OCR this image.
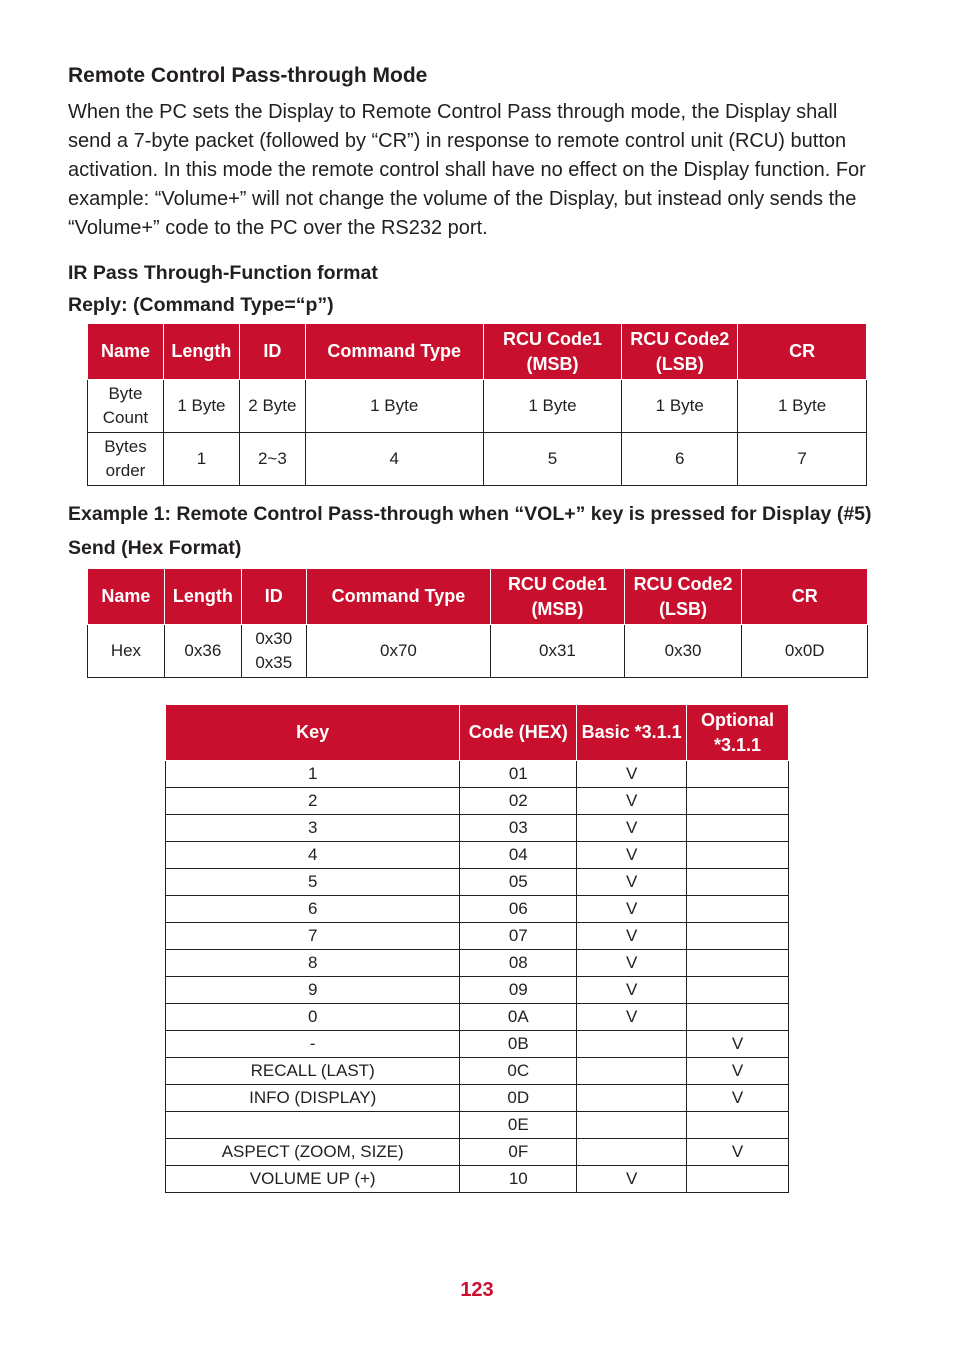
Remote Control Pass-through Mode

When the PC sets the Display to Remote Control Pass through mode, the Display shall send a 7-byte packet (followed by “CR”) in response to remote control unit (RCU) button activation. In this mode the remote control shall have no effect on the Display function. For example: “Volume+” will not change the volume of the Display, but instead only sends the “Volume+” code to the PC over the RS232 port.

IR Pass Through-Function format
Reply: (Command Type=“p”)
Name	Length	ID	Command Type	RCU Code1 (MSB)	RCU Code2 (LSB)	CR
Byte Count	1 Byte	2 Byte	1 Byte	1 Byte	1 Byte	1 Byte
Bytes order	1	2~3	4	5	6	7
Example 1: Remote Control Pass-through when “VOL+” key is pressed for Display (#5)
Send (Hex Format)
Name	Length	ID	Command Type	RCU Code1 (MSB)	RCU Code2 (LSB)	CR
Hex	0x36	0x30 0x35	0x70	0x31	0x30	0x0D
Key	Code (HEX)	Basic *3.1.1	Optional *3.1.1
1	01	V	
2	02	V	
3	03	V	
4	04	V	
5	05	V	
6	06	V	
7	07	V	
8	08	V	
9	09	V	
0	0A	V	
-	0B		V
RECALL (LAST)	0C		V
INFO (DISPLAY)	0D		V
	0E		
ASPECT (ZOOM, SIZE)	0F		V
VOLUME UP (+)	10	V	
123
